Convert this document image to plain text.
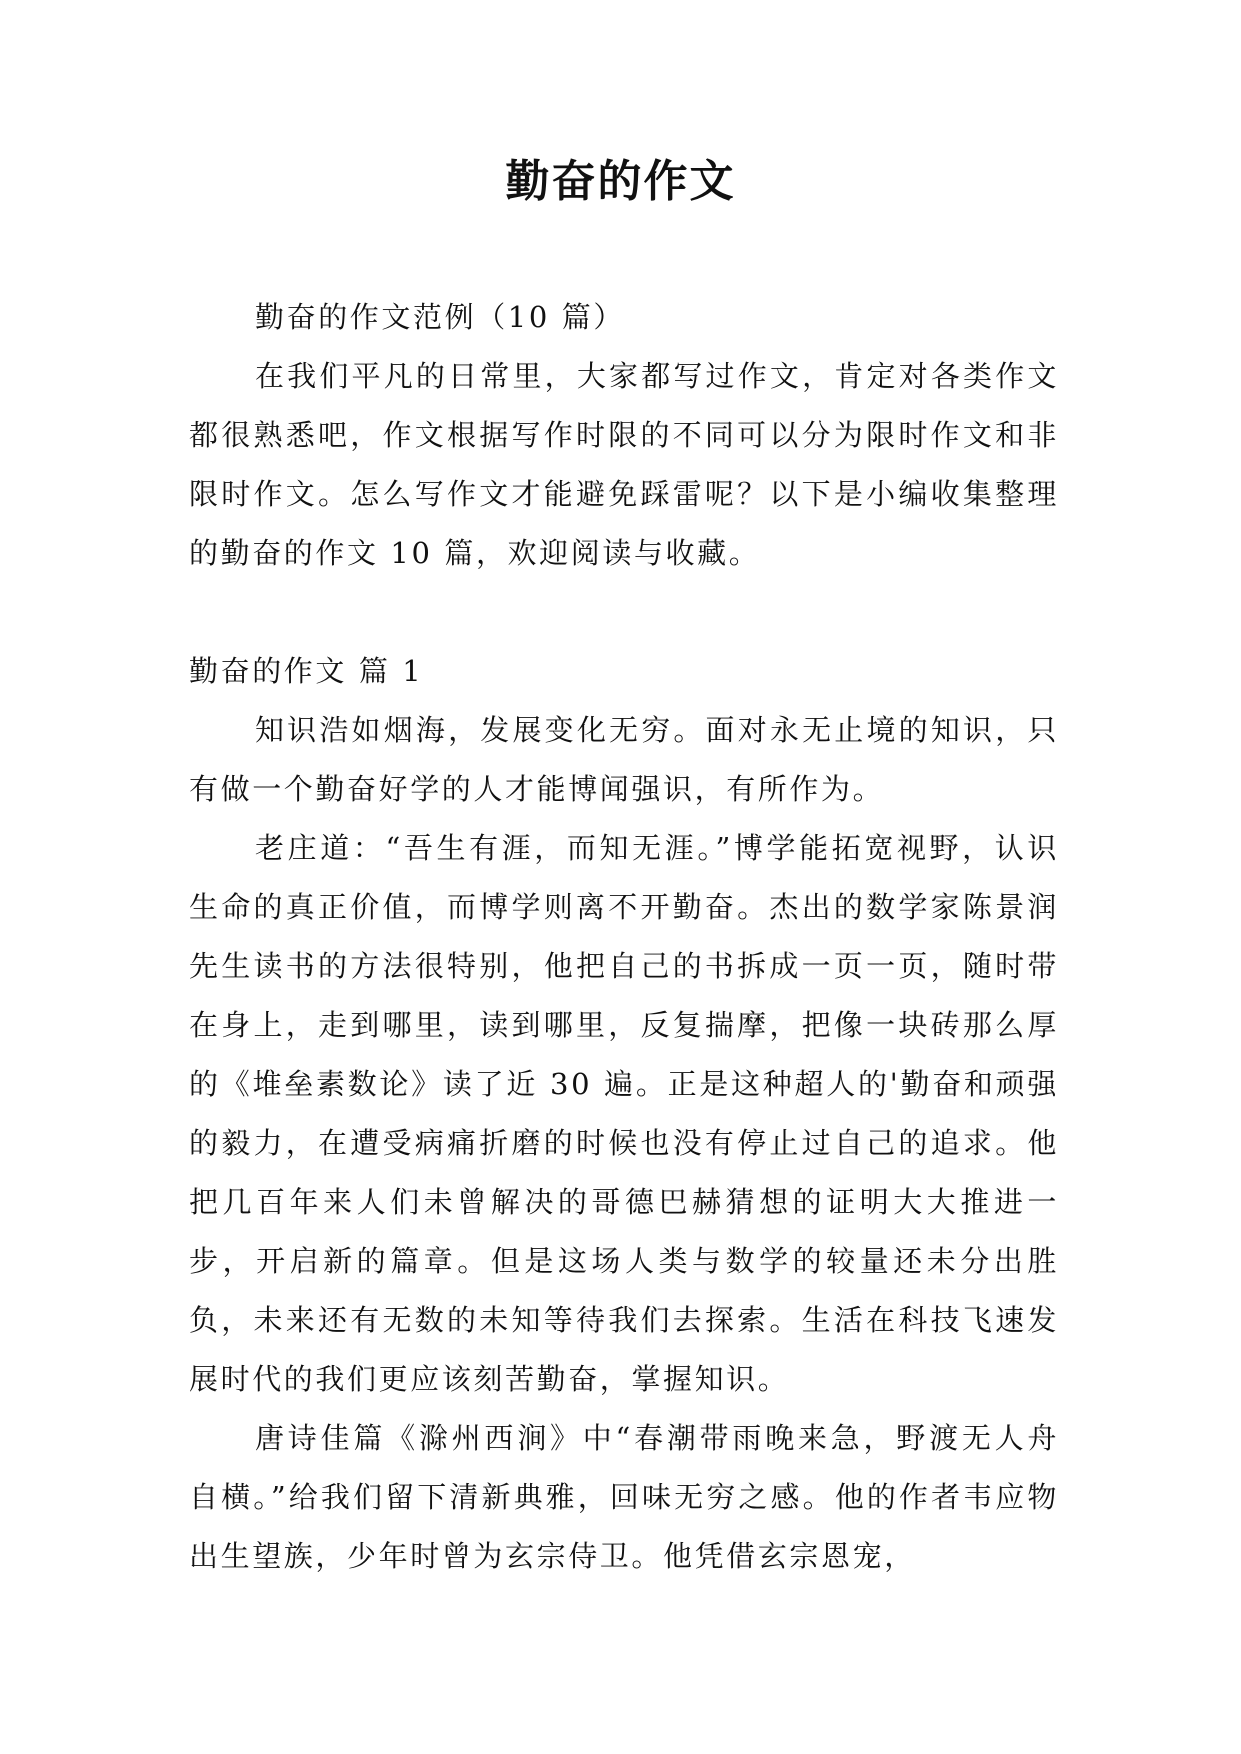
勤奋的作文

勤奋的作文范例（10 篇）

在我们平凡的日常里，大家都写过作文，肯定对各类作文都很熟悉吧，作文根据写作时限的不同可以分为限时作文和非限时作文。怎么写作文才能避免踩雷呢？以下是小编收集整理的勤奋的作文 10 篇，欢迎阅读与收藏。

勤奋的作文 篇 1

知识浩如烟海，发展变化无穷。面对永无止境的知识，只有做一个勤奋好学的人才能博闻强识，有所作为。

老庄道：“吾生有涯，而知无涯。”博学能拓宽视野，认识生命的真正价值，而博学则离不开勤奋。杰出的数学家陈景润先生读书的方法很特别，他把自己的书拆成一页一页，随时带在身上，走到哪里，读到哪里，反复揣摩，把像一块砖那么厚的《堆垒素数论》读了近 30 遍。正是这种超人的'勤奋和顽强的毅力，在遭受病痛折磨的时候也没有停止过自己的追求。他把几百年来人们未曾解决的哥德巴赫猜想的证明大大推进一步，开启新的篇章。但是这场人类与数学的较量还未分出胜负，未来还有无数的未知等待我们去探索。生活在科技飞速发展时代的我们更应该刻苦勤奋，掌握知识。

唐诗佳篇《滁州西涧》中“春潮带雨晚来急，野渡无人舟自横。”给我们留下清新典雅，回味无穷之感。他的作者韦应物出生望族，少年时曾为玄宗侍卫。他凭借玄宗恩宠，
